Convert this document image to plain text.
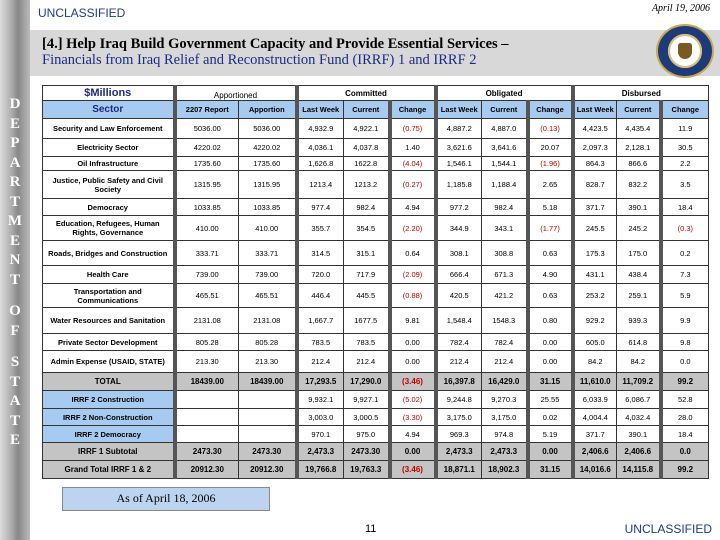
D
E
P
A
R
T
M
E
N
T
O
F
S
T
A
T
E
UNCLASSIFIED	April 19, 2006
[4.] Help Iraq Build Government Capacity and Provide Essential Services –
Financials from Iraq Relief and Reconstruction Fund (IRRF) 1 and IRRF 2
$Millions	Apportioned		Committed			Obligated			Disbursed		
Sector	2207 Report	Apportion	Last Week	Current	Change	Last Week	Current	Change	Last Week	Current	Change
Security and Law Enforcement	5036.00	5036.00	4,932.9	4,922.1	(0.75)	4,887.2	4,887.0	(0.13)	4,423.5	4,435.4	11.9
Electricity Sector	4220.02	4220.02	4,036.1	4,037.8	1.40	3,621.6	3,641.6	20.07	2,097.3	2,128.1	30.5
Oil Infrastructure	1735.60	1735.60	1,626.8	1622.8	(4.04)	1,546.1	1,544.1	(1.96)	864.3	866.6	2.2
Justice, Public Safety and Civil Society	1315.95	1315.95	1213.4	1213.2	(0.27)	1,185.8	1,188.4	2.65	828.7	832.2	3.5
Democracy	1033.85	1033.85	977.4	982.4	4.94	977.2	982.4	5.18	371.7	390.1	18.4
Education, Refugees, Human Rights, Governance	410.00	410.00	355.7	354.5	(2.20)	344.9	343.1	(1.77)	245.5	245.2	(0.3)
Roads, Bridges and Construction	333.71	333.71	314.5	315.1	0.64	308.1	308.8	0.63	175.3	175.0	0.2
Health Care	739.00	739.00	720.0	717.9	(2.09)	666.4	671.3	4.90	431.1	438.4	7.3
Transportation and Communications	465.51	465.51	446.4	445.5	(0.88)	420.5	421.2	0.63	253.2	259.1	5.9
Water Resources and Sanitation	2131.08	2131.08	1,667.7	1677.5	9.81	1,548.4	1548.3	0.80	929.2	939.3	9.9
Private Sector Development	805.28	805.28	783.5	783.5	0.00	782.4	782.4	0.00	605.0	614.8	9.8
Admin Expense (USAID, STATE)	213.30	213.30	212.4	212.4	0.00	212.4	212.4	0.00	84.2	84.2	0.0
TOTAL	18439.00	18439.00	17,293.5	17,290.0	(3.46)	16,397.8	16,429.0	31.15	11,610.0	11,709.2	99.2
IRRF 2 Construction			9,932.1	9,927.1	(5.02)	9,244.8	9,270.3	25.55	6,033.9	6,086.7	52.8
IRRF 2 Non-Construction			3,003.0	3,000.5	(3.30)	3,175.0	3,175.0	0.02	4,004.4	4,032.4	28.0
IRRF 2 Democracy			970.1	975.0	4.94	969.3	974.8	5.19	371.7	390.1	18.4
IRRF 1 Subtotal	2473.30	2473.30	2,473.3	2473.30	0.00	2,473.3	2,473.3	0.00	2,406.6	2,406.6	0.0
Grand Total IRRF 1 & 2	20912.30	20912.30	19,766.8	19,763.3	(3.46)	18,871.1	18,902.3	31.15	14,016.6	14,115.8	99.2
As of April 18, 2006
11	UNCLASSIFIED
